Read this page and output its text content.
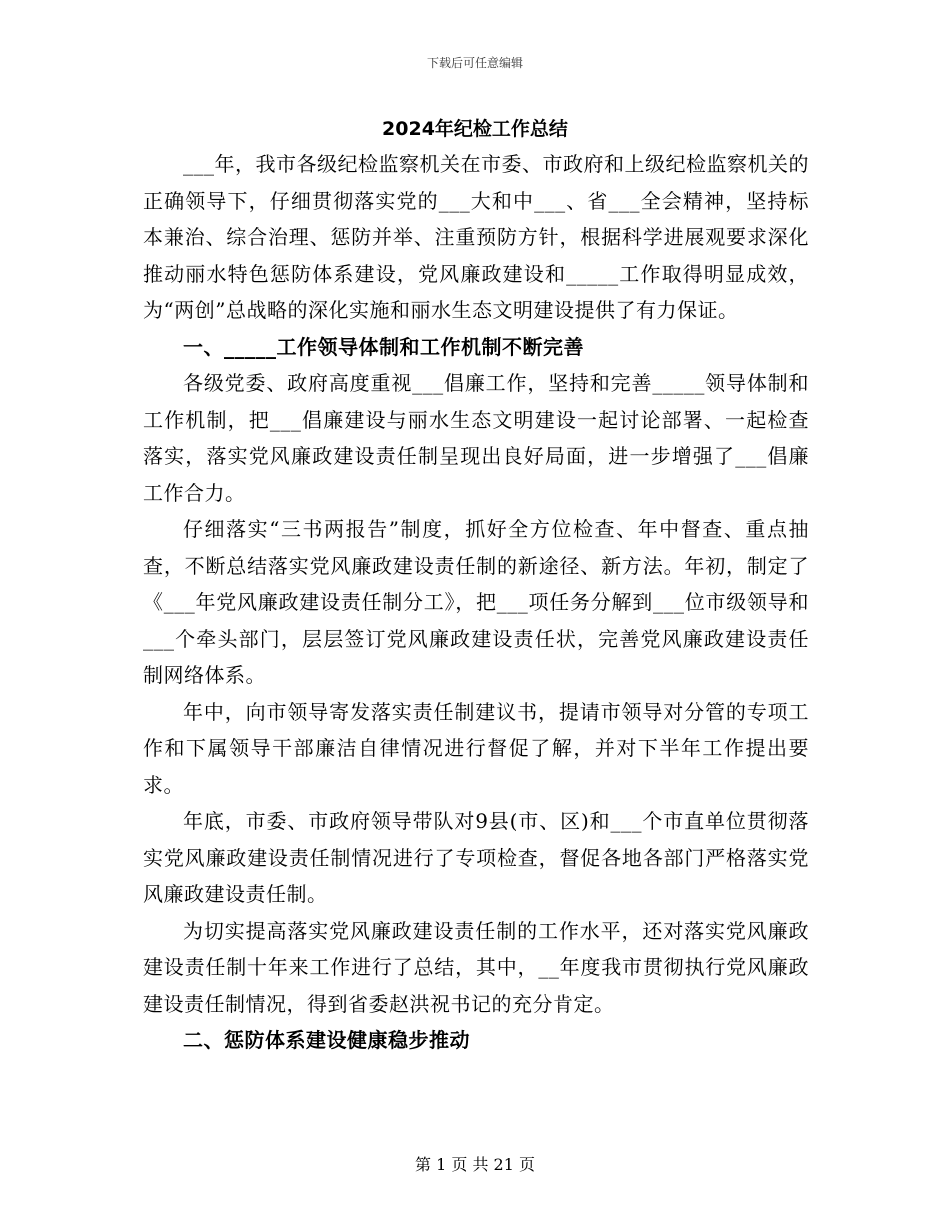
下载后可任意编辑
2024年纪检工作总结

___年，我市各级纪检监察机关在市委、市政府和上级纪检监察机关的正确领导下，仔细贯彻落实党的___大和中___、省___全会精神，坚持标本兼治、综合治理、惩防并举、注重预防方针，根据科学进展观要求深化推动丽水特色惩防体系建设，党风廉政建设和_____工作取得明显成效，为“两创”总战略的深化实施和丽水生态文明建设提供了有力保证。

一、_____工作领导体制和工作机制不断完善

各级党委、政府高度重视___倡廉工作，坚持和完善_____领导体制和工作机制，把___倡廉建设与丽水生态文明建设一起讨论部署、一起检查落实，落实党风廉政建设责任制呈现出良好局面，进一步增强了___倡廉工作合力。

仔细落实“三书两报告”制度，抓好全方位检查、年中督查、重点抽查，不断总结落实党风廉政建设责任制的新途径、新方法。年初，制定了《___年党风廉政建设责任制分工》，把___项任务分解到___位市级领导和___个牵头部门，层层签订党风廉政建设责任状，完善党风廉政建设责任制网络体系。

年中，向市领导寄发落实责任制建议书，提请市领导对分管的专项工作和下属领导干部廉洁自律情况进行督促了解，并对下半年工作提出要求。

年底，市委、市政府领导带队对9县(市、区)和___个市直单位贯彻落实党风廉政建设责任制情况进行了专项检查，督促各地各部门严格落实党风廉政建设责任制。

为切实提高落实党风廉政建设责任制的工作水平，还对落实党风廉政建设责任制十年来工作进行了总结，其中，__年度我市贯彻执行党风廉政建设责任制情况，得到省委赵洪祝书记的充分肯定。

二、惩防体系建设健康稳步推动

第 1 页 共 21 页
